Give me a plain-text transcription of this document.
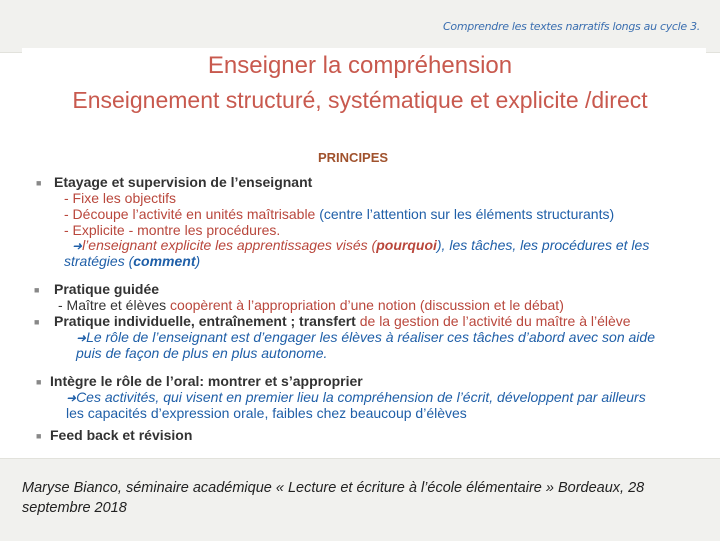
Comprendre les textes narratifs longs au cycle 3.
Enseigner la compréhension
Enseignement structuré, systématique et explicite /direct
PRINCIPES
■ Etayage et supervision de l’enseignant
- Fixe les objectifs
- Découpe l’activité en unités maîtrisable (centre l’attention sur les éléments structurants)
- Explicite - montre les procédures.
➜l’enseignant explicite les apprentissages visés (pourquoi), les tâches, les procédures et les
stratégies (comment)
■ Pratique guidée
- Maître et élèves coopèrent à l’appropriation d’une notion (discussion et le débat)
■ Pratique individuelle, entraînement ; transfert de la gestion de l’activité du maître à l’élève
➜Le rôle de l’enseignant est d’engager les élèves à réaliser ces tâches d’abord avec son aide
puis de façon de plus en plus autonome.
■ Intègre le rôle de l’oral: montrer et s’approprier
➜Ces activités, qui visent en premier lieu la compréhension de l’écrit, développent par ailleurs
les capacités d’expression orale, faibles chez beaucoup d’élèves
■ Feed back et révision
Maryse Bianco, séminaire académique « Lecture et écriture à l’école élémentaire » Bordeaux, 28 septembre 2018
